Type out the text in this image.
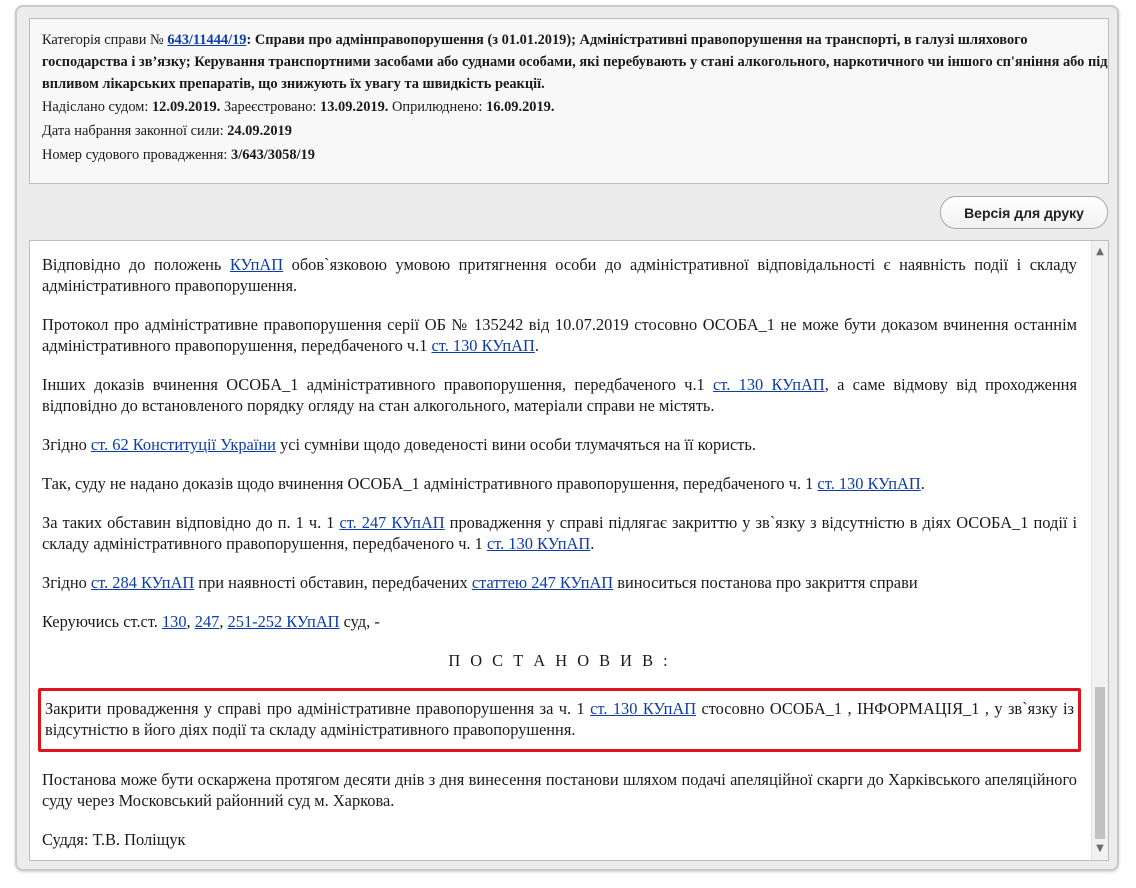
Категорія справи № 643/11444/19: Справи про адмінправопорушення (з 01.01.2019); Адміністративні правопорушення на транспорті, в галузі шляхового господарства і зв’язку; Керування транспортними засобами або суднами особами, які перебувають у стані алкогольного, наркотичного чи іншого сп'яніння або під впливом лікарських препаратів, що знижують їх увагу та швидкість реакції.

Надіслано судом: 12.09.2019. Зареєстровано: 13.09.2019. Оприлюднено: 16.09.2019.

Дата набрання законної сили: 24.09.2019

Номер судового провадження: 3/643/3058/19

Версія для друку

Відповідно до положень КУпАП обов`язковою умовою притягнення особи до адміністративної відповідальності є наявність події і складу адміністративного правопорушення.

Протокол про адміністративне правопорушення серії ОБ № 135242 від 10.07.2019 стосовно ОСОБА_1 не може бути доказом вчинення останнім адміністративного правопорушення, передбаченого ч.1 ст. 130 КУпАП.

Інших доказів вчинення ОСОБА_1 адміністративного правопорушення, передбаченого ч.1 ст. 130 КУпАП, а саме відмову від проходження відповідно до встановленого порядку огляду на стан алкогольного, матеріали справи не містять.

Згідно ст. 62 Конституції України усі сумніви щодо доведеності вини особи тлумачяться на її користь.

Так, суду не надано доказів щодо вчинення ОСОБА_1 адміністративного правопорушення, передбаченого ч. 1 ст. 130 КУпАП.

За таких обставин відповідно до п. 1 ч. 1 ст. 247 КУпАП провадження у справі підлягає закриттю у зв`язку з відсутністю в діях ОСОБА_1 події і складу адміністративного правопорушення, передбаченого ч. 1 ст. 130 КУпАП.

Згідно ст. 284 КУпАП при наявності обставин, передбачених статтею 247 КУпАП виноситься постанова про закриття справи

Керуючись ст.ст. 130, 247, 251-252 КУпАП суд, -

П О С Т А Н О В И В :

Закрити провадження у справі про адміністративне правопорушення за ч. 1 ст. 130 КУпАП стосовно ОСОБА_1 , ІНФОРМАЦІЯ_1 , у зв`язку із відсутністю в його діях події та складу адміністративного правопорушення.

Постанова може бути оскаржена протягом десяти днів з дня винесення постанови шляхом подачі апеляційної скарги до Харківського апеляційного суду через Московський районний суд м. Харкова.

Суддя: Т.В. Поліщук

▲
▼
